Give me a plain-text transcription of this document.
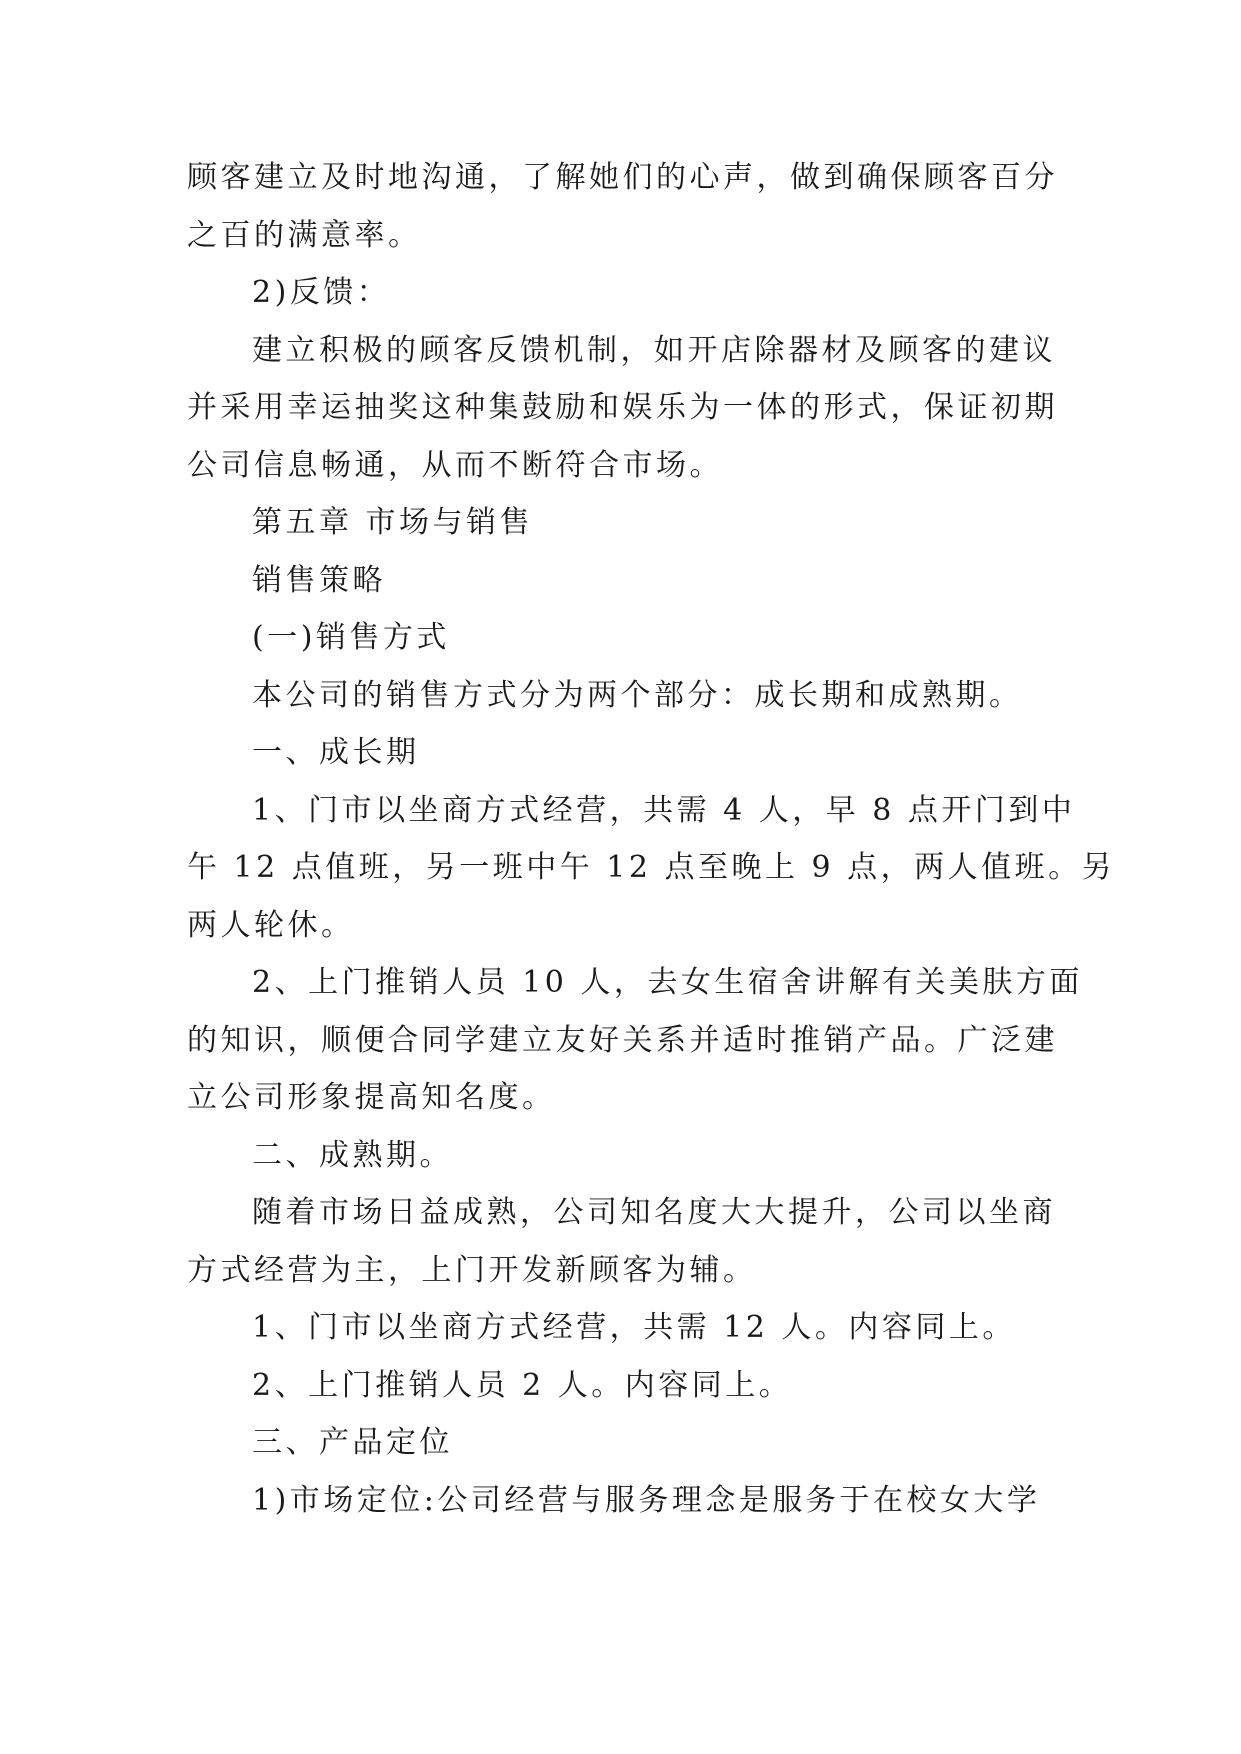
顾客建立及时地沟通，了解她们的心声，做到确保顾客百分
之百的满意率。
2)反馈：
建立积极的顾客反馈机制，如开店除器材及顾客的建议
并采用幸运抽奖这种集鼓励和娱乐为一体的形式，保证初期
公司信息畅通，从而不断符合市场。
第五章 市场与销售
销售策略
(一)销售方式
本公司的销售方式分为两个部分：成长期和成熟期。
一、成长期
1、门市以坐商方式经营，共需 4 人，早 8 点开门到中
午 12 点值班，另一班中午 12 点至晚上 9 点，两人值班。另
两人轮休。
2、上门推销人员 10 人，去女生宿舍讲解有关美肤方面
的知识，顺便合同学建立友好关系并适时推销产品。广泛建
立公司形象提高知名度。
二、成熟期。
随着市场日益成熟，公司知名度大大提升，公司以坐商
方式经营为主，上门开发新顾客为辅。
1、门市以坐商方式经营，共需 12 人。内容同上。
2、上门推销人员 2 人。内容同上。
三、产品定位
1)市场定位:公司经营与服务理念是服务于在校女大学
